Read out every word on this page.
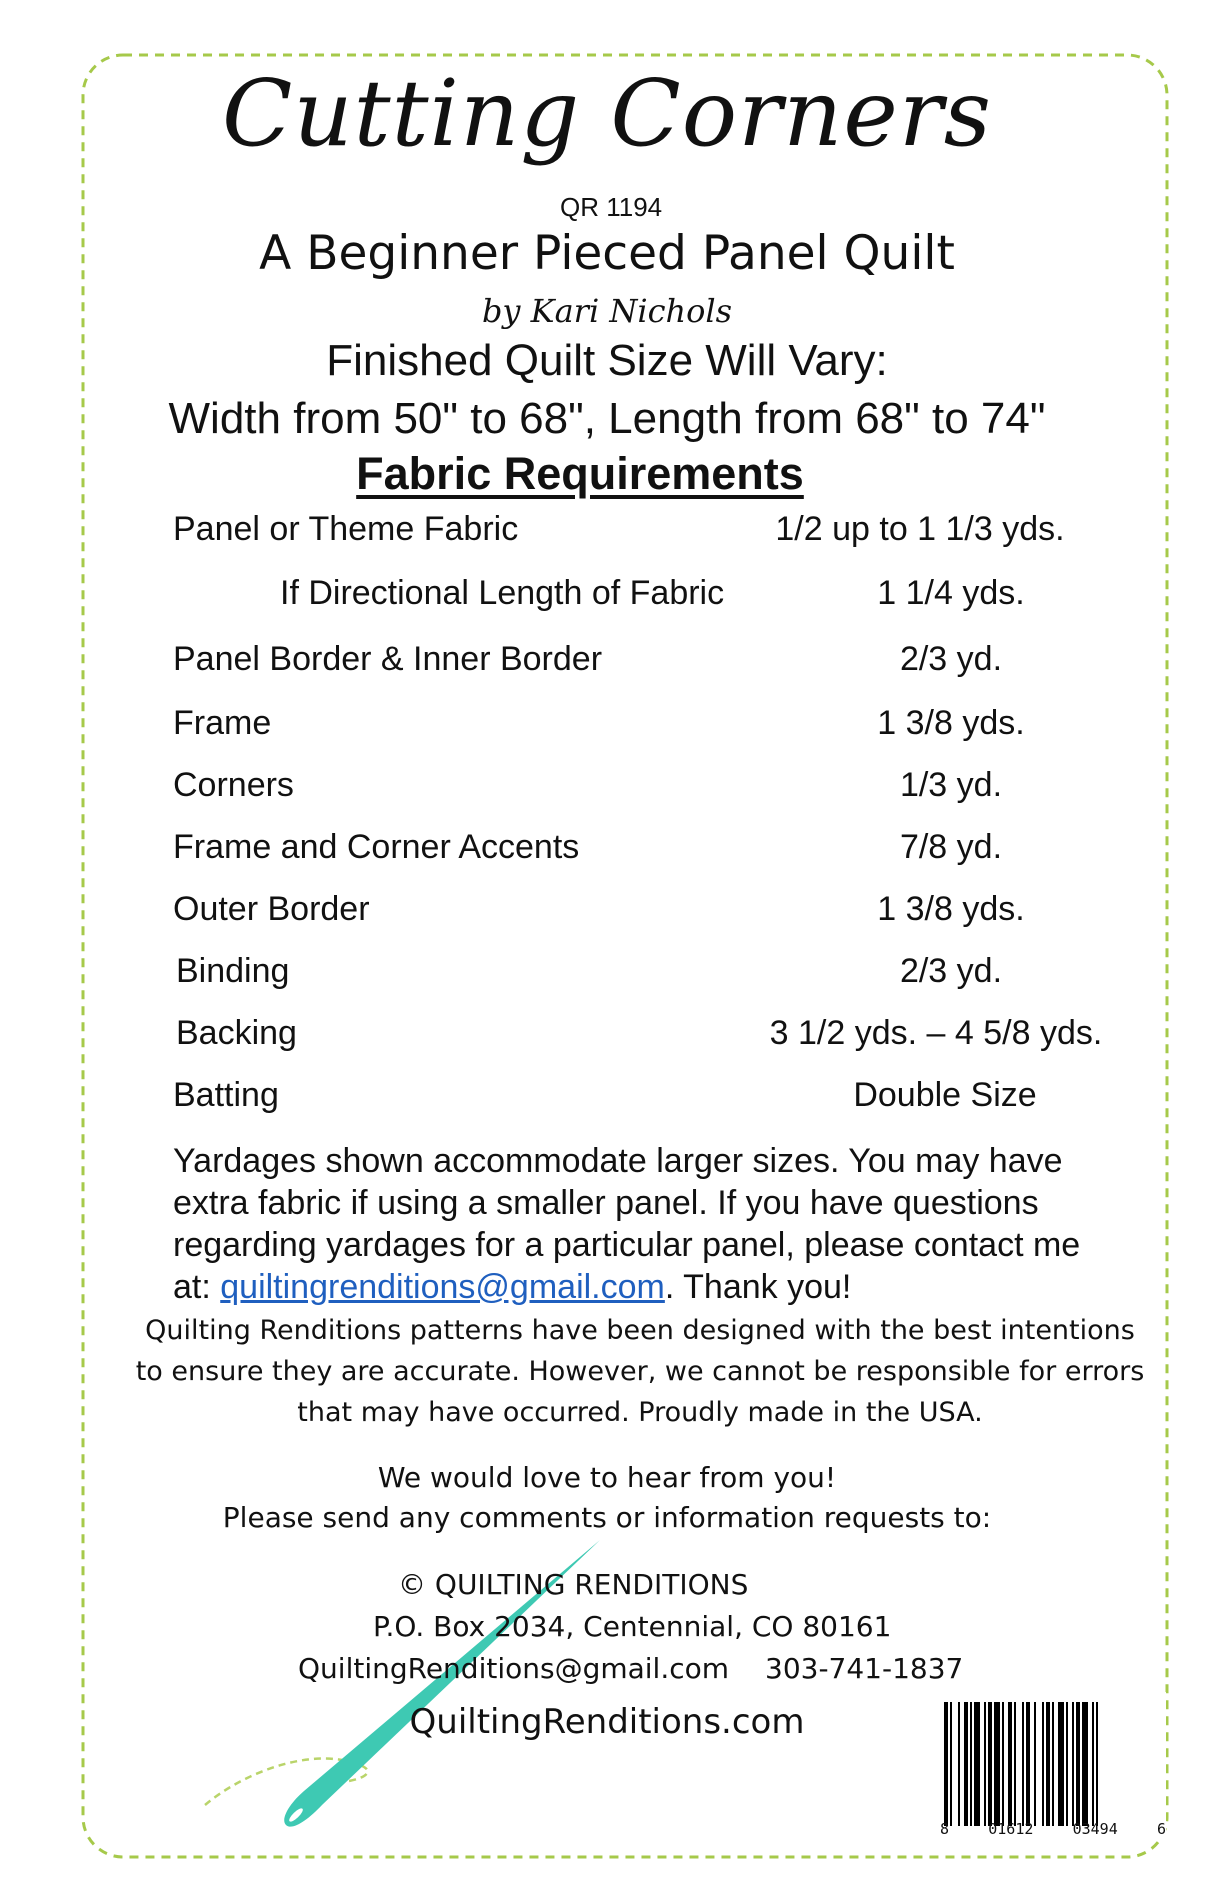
Cutting Corners
QR 1194
A Beginner Pieced Panel Quilt
by Kari Nichols
Finished Quilt Size Will Vary:
Width from 50" to 68", Length from 68" to 74"
Fabric Requirements
Panel or Theme Fabric	1/2 up to 1 1/3 yds.
If Directional Length of Fabric	1 1/4 yds.
Panel Border & Inner Border	2/3 yd.
Frame	1 3/8 yds.
Corners	1/3 yd.
Frame and Corner Accents	7/8 yd.
Outer Border	1 3/8 yds.
Binding	2/3 yd.
Backing	3 1/2 yds. – 4 5/8 yds.
Batting	Double Size
Yardages shown accommodate larger sizes. You may have
extra fabric if using a smaller panel. If you have questions
regarding yardages for a particular panel, please contact me
at: quiltingrenditions@gmail.com. Thank you!
Quilting Renditions patterns have been designed with the best intentions
to ensure they are accurate. However, we cannot be responsible for errors
that may have occurred. Proudly made in the USA.
We would love to hear from you!
Please send any comments or information requests to:
© QUILTING RENDITIONS
P.O. Box 2034, Centennial, CO 80161
QuiltingRenditions@gmail.com 303-741-1837
QuiltingRenditions.com
8	01612	03494	6
